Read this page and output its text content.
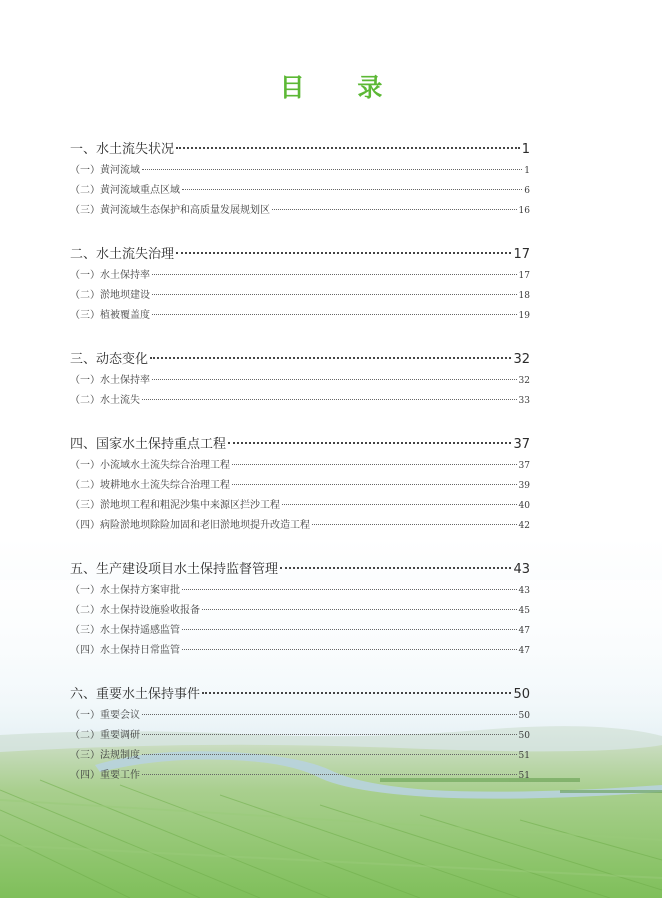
目 录
一、水土流失状况	1
（一）黄河流域	1
（二）黄河流域重点区域	6
（三）黄河流域生态保护和高质量发展规划区	16
二、水土流失治理	17
（一）水土保持率	17
（二）淤地坝建设	18
（三）植被覆盖度	19
三、动态变化	32
（一）水土保持率	32
（二）水土流失	33
四、国家水土保持重点工程	37
（一）小流域水土流失综合治理工程	37
（二）坡耕地水土流失综合治理工程	39
（三）淤地坝工程和粗泥沙集中来源区拦沙工程	40
（四）病险淤地坝除险加固和老旧淤地坝提升改造工程	42
五、生产建设项目水土保持监督管理	43
（一）水土保持方案审批	43
（二）水土保持设施验收报备	45
（三）水土保持遥感监管	47
（四）水土保持日常监管	47
六、重要水土保持事件	50
（一）重要会议	50
（二）重要调研	50
（三）法规制度	51
（四）重要工作	51
